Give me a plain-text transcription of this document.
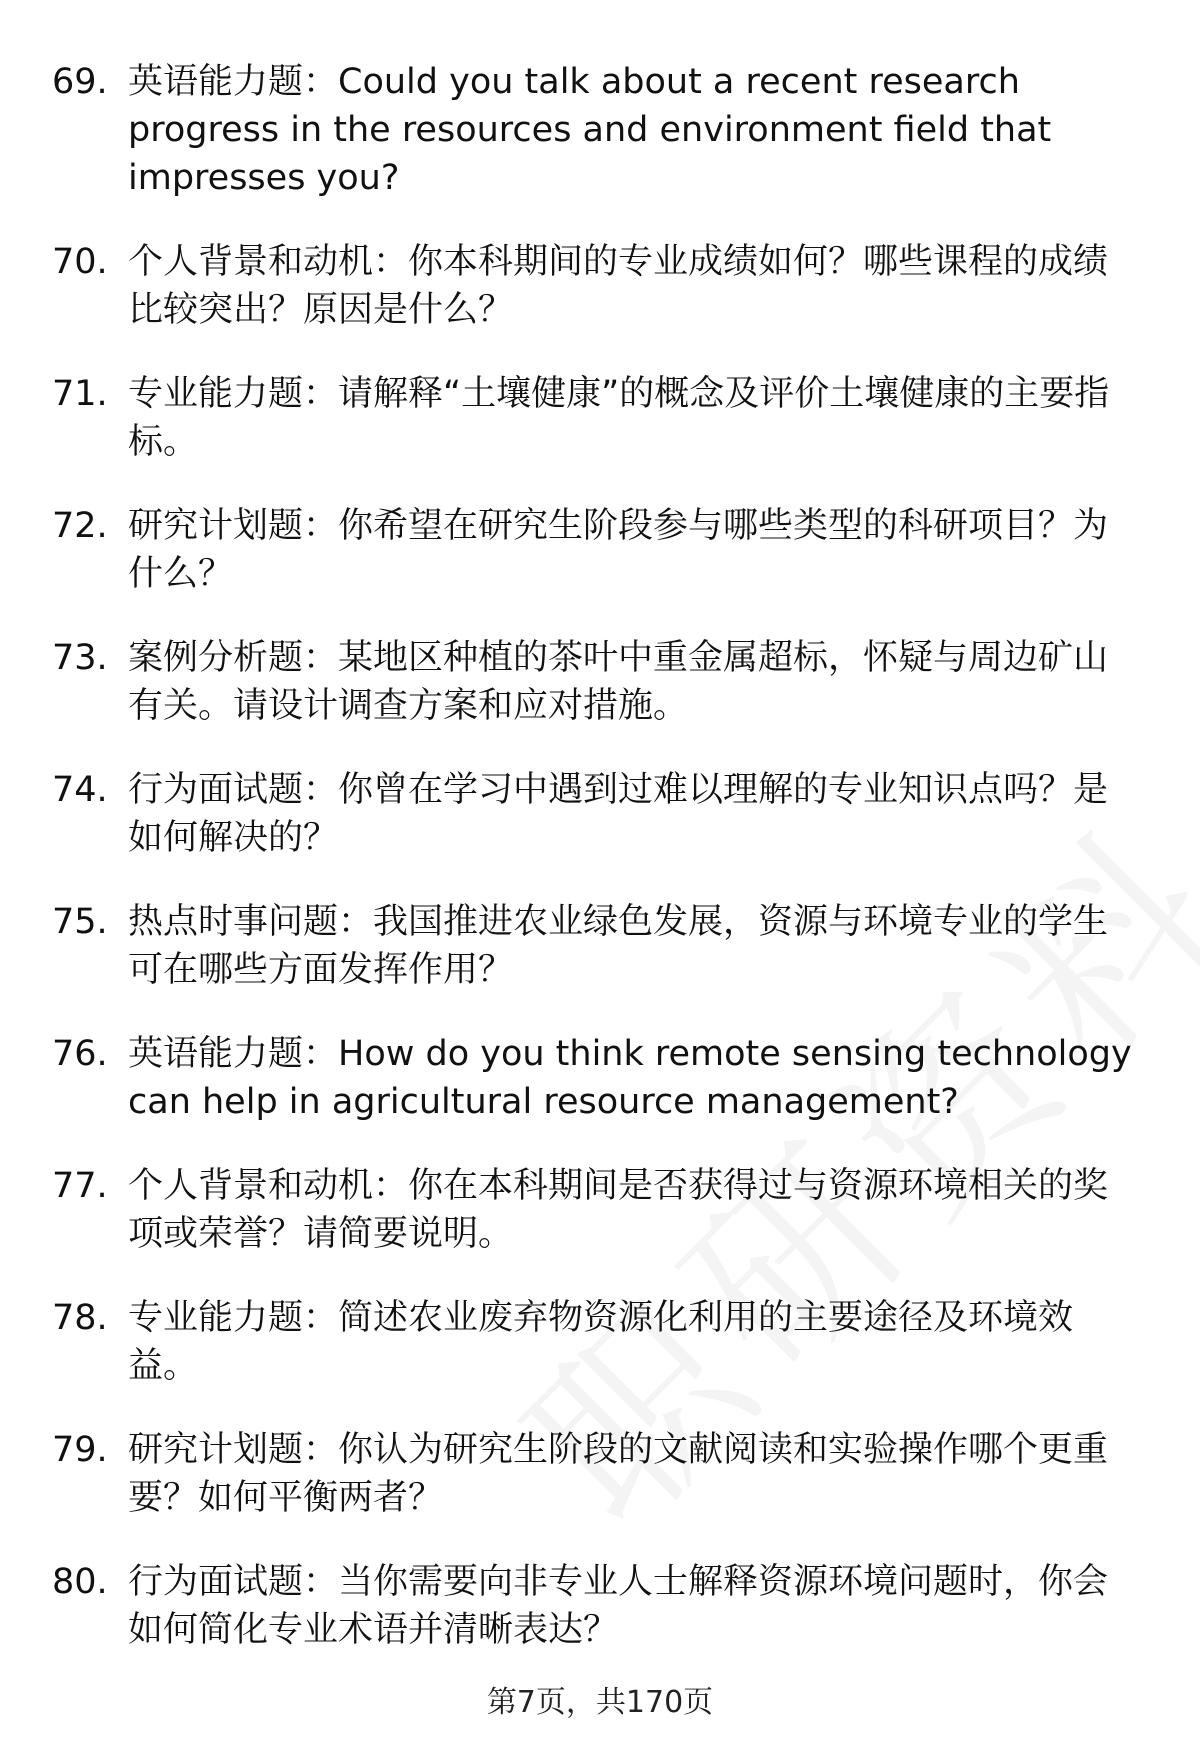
69. 英语能力题：Could you talk about a recent research progress in the resources and environment field that impresses you?
70. 个人背景和动机：你本科期间的专业成绩如何？哪些课程的成绩比较突出？原因是什么？
71. 专业能力题：请解释“土壤健康”的概念及评价土壤健康的主要指标。
72. 研究计划题：你希望在研究生阶段参与哪些类型的科研项目？为什么？
73. 案例分析题：某地区种植的茶叶中重金属超标，怀疑与周边矿山有关。请设计调查方案和应对措施。
74. 行为面试题：你曾在学习中遇到过难以理解的专业知识点吗？是如何解决的？
75. 热点时事问题：我国推进农业绿色发展，资源与环境专业的学生可在哪些方面发挥作用？
76. 英语能力题：How do you think remote sensing technology can help in agricultural resource management?
77. 个人背景和动机：你在本科期间是否获得过与资源环境相关的奖项或荣誉？请简要说明。
78. 专业能力题：简述农业废弃物资源化利用的主要途径及环境效益。
79. 研究计划题：你认为研究生阶段的文献阅读和实验操作哪个更重要？如何平衡两者？
80. 行为面试题：当你需要向非专业人士解释资源环境问题时，你会如何简化专业术语并清晰表达？
第7页，共170页
